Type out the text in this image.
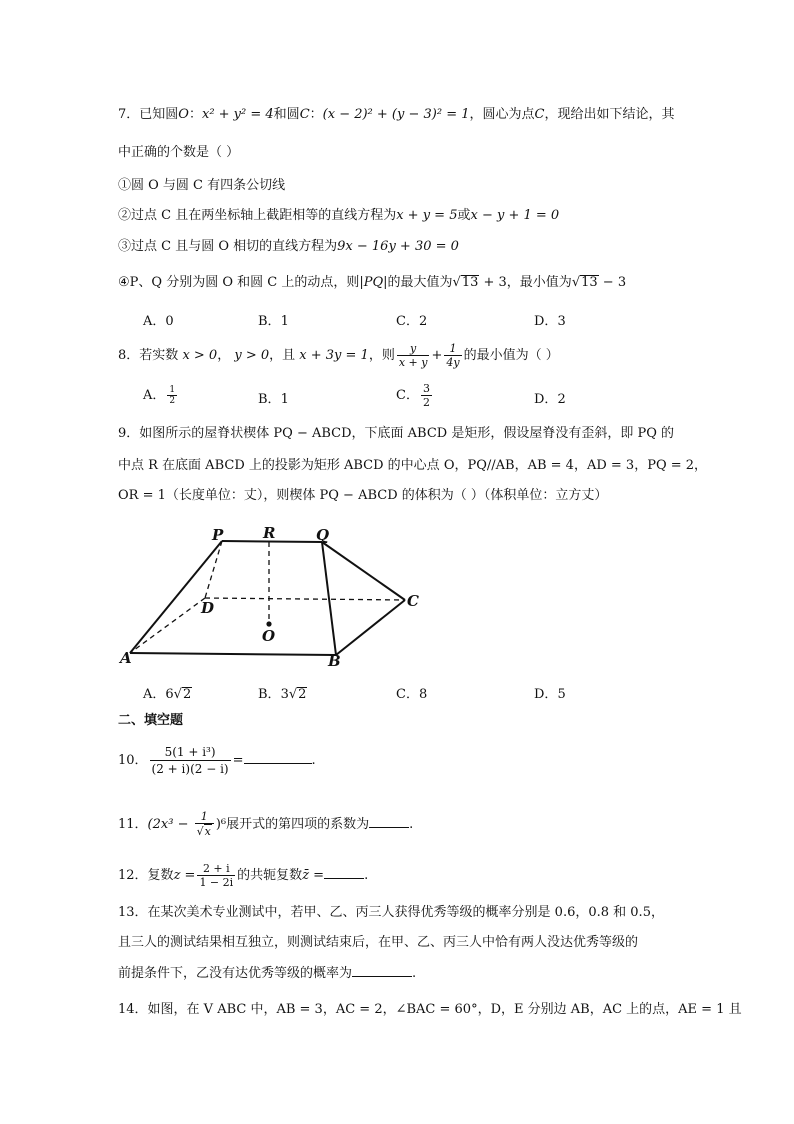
7．已知圆O：x² + y² = 4和圆C：(x − 2)² + (y − 3)² = 1，圆心为点C，现给出如下结论，其
中正确的个数是（ ）
①圆 O 与圆 C 有四条公切线
②过点 C 且在两坐标轴上截距相等的直线方程为x + y = 5或x − y + 1 = 0
③过点 C 且与圆 O 相切的直线方程为9x − 16y + 30 = 0
④P、Q 分别为圆 O 和圆 C 上的动点，则|PQ|的最大值为√13 + 3，最小值为√13 − 3
A．0	B．1	C．2	D．3
8．若实数 x > 0， y > 0，且 x + 3y = 1，则 $\frac{y}{x + y} + \frac{1}{4y}$ 的最小值为（ ）
A． $\frac{1}{2}$	B．1	C． $\frac{3}{2}$	D．2
9．如图所示的屋脊状楔体 PQ − ABCD，下底面 ABCD 是矩形，假设屋脊没有歪斜，即 PQ 的
中点 R 在底面 ABCD 上的投影为矩形 ABCD 的中心点 O，PQ//AB，AB = 4，AD = 3，PQ = 2，
OR = 1（长度单位：丈），则楔体 PQ − ABCD 的体积为（ ）（体积单位：立方丈）
P	R	Q
D	C
O
A	B
A．6√2	B．3√2	C．8	D．5
二、填空题
10． $\frac{\text{5(1 + i³)}}{(2 + i)(2 - i)}$ =	.
11．$(2x^3 - \frac{1}{√x} )^6$展开式的第四项的系数为	.
12．复数$z = \frac{2 + i}{1 - 2i}$ 的共轭复数z̄ =	.
13．在某次美术专业测试中，若甲、乙、丙三人获得优秀等级的概率分别是 0.6，0.8 和 0.5，
且三人的测试结果相互独立，则测试结束后，在甲、乙、丙三人中恰有两人没达优秀等级的
前提条件下，乙没有达优秀等级的概率为	.
14．如图，在 V ABC 中，AB = 3，AC = 2，∠BAC = 60°，D，E 分别边 AB，AC 上的点，AE = 1 且
